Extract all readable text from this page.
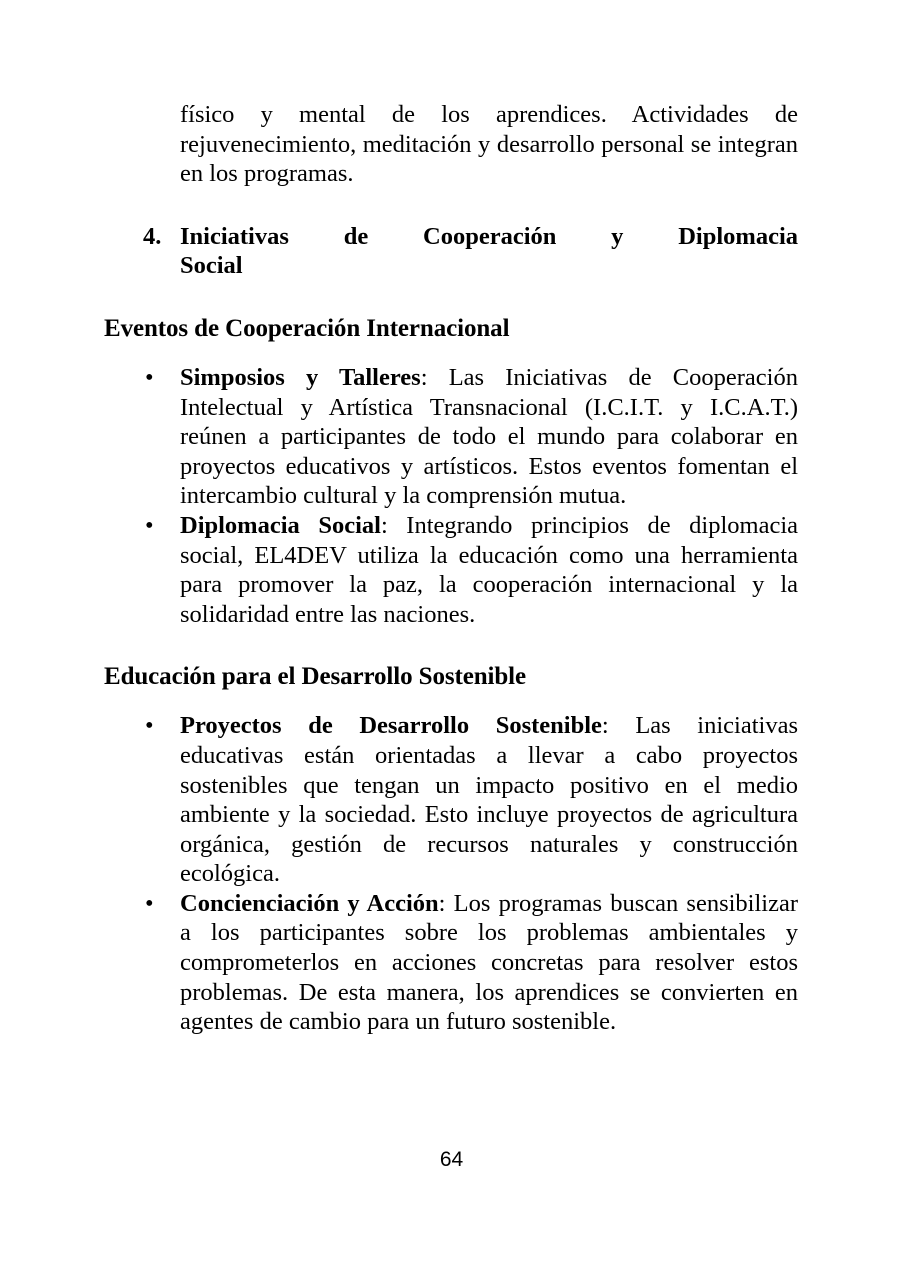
físico y mental de los aprendices. Actividades de rejuvenecimiento, meditación y desarrollo personal se integran en los programas.

4. Iniciativas de Cooperación y Diplomacia
Social
Eventos de Cooperación Internacional
• Simposios y Talleres: Las Iniciativas de Cooperación Intelectual y Artística Transnacional (I.C.I.T. y I.C.A.T.) reúnen a participantes de todo el mundo para colaborar en proyectos educativos y artísticos. Estos eventos fomentan el intercambio cultural y la comprensión mutua.
• Diplomacia Social: Integrando principios de diplomacia social, EL4DEV utiliza la educación como una herramienta para promover la paz, la cooperación internacional y la solidaridad entre las naciones.
Educación para el Desarrollo Sostenible
• Proyectos de Desarrollo Sostenible: Las iniciativas educativas están orientadas a llevar a cabo proyectos sostenibles que tengan un impacto positivo en el medio ambiente y la sociedad. Esto incluye proyectos de agricultura orgánica, gestión de recursos naturales y construcción ecológica.
• Concienciación y Acción: Los programas buscan sensibilizar a los participantes sobre los problemas ambientales y comprometerlos en acciones concretas para resolver estos problemas. De esta manera, los aprendices se convierten en agentes de cambio para un futuro sostenible.
64
